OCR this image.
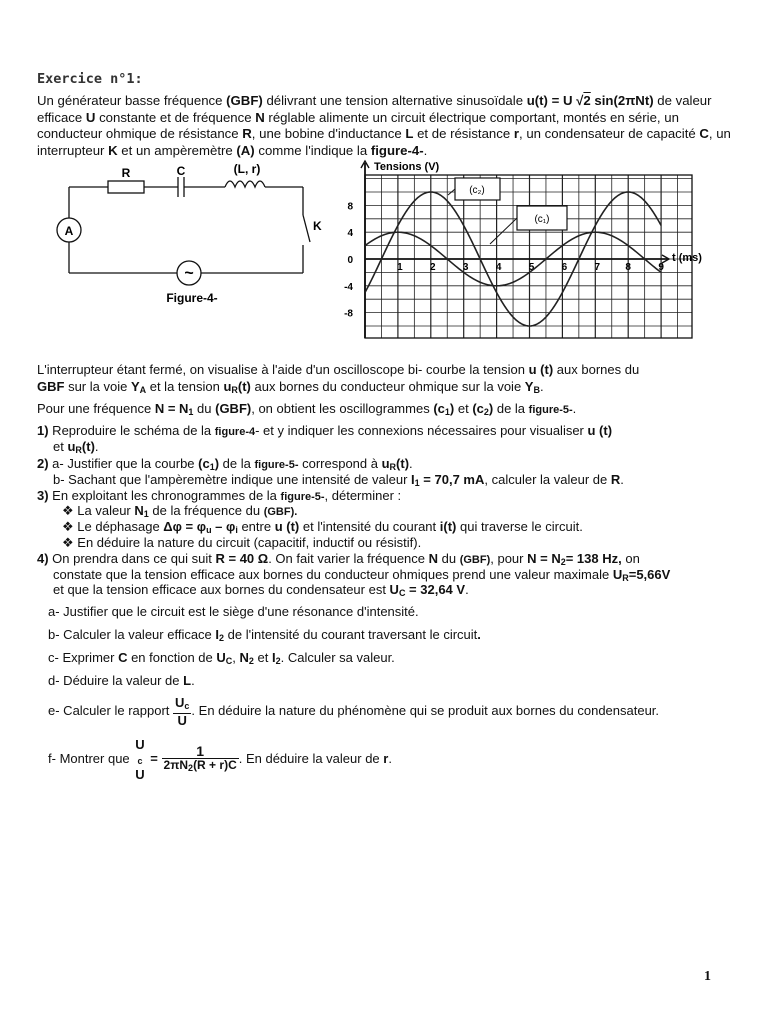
Exercice n°1:
Un générateur basse fréquence (GBF) délivrant une tension alternative sinusoïdale u(t) = U √2 sin(2πNt) de valeur efficace U constante et de fréquence N réglable alimente un circuit électrique comportant, montés en série, un conducteur ohmique de résistance R, une bobine d'inductance L et de résistance r, un condensateur de capacité C, un interrupteur K et un ampèremètre (A) comme l'indique la figure-4-.
R	C	(L, r)
K
A
~
Figure-4-
1	2	3	4	5	6	7	8	9
8
4
0
-4
-8
Tensions (V)
t (ms)
(c₂)
(c₁)
L'interrupteur étant fermé, on visualise à l'aide d'un oscilloscope bi- courbe la tension u (t) aux bornes du
GBF sur la voie $Y_A$ et la tension $u_R(t)$ aux bornes du conducteur ohmique sur la voie $Y_B$.
Pour une fréquence $N = N_1$ du (GBF), on obtient les oscillogrammes $(c_1)$ et $(c_2)$ de la figure-5-.
1) Reproduire le schéma de la figure-4- et y indiquer les connexions nécessaires pour visualiser u (t)
et $u_R(t)$.
2) a- Justifier que la courbe $(c_1)$ de la figure-5- correspond à $u_R(t)$.
b- Sachant que l'ampèremètre indique une intensité de valeur $I_1 = 70,7$ mA, calculer la valeur de R.
3) En exploitant les chronogrammes de la figure-5-, déterminer :
❖ La valeur $N_1$ de la fréquence du (GBF).
❖ Le déphasage $\Delta\varphi = \varphi_u - \varphi_i$ entre u (t) et l'intensité du courant i(t) qui traverse le circuit.
❖ En déduire la nature du circuit (capacitif, inductif ou résistif).
4) On prendra dans ce qui suit R = 40 Ω. On fait varier la fréquence N du (GBF), pour $N = N_2= 138$ Hz, on
constate que la tension efficace aux bornes du conducteur ohmiques prend une valeur maximale $U_R=5,66V$
et que la tension efficace aux bornes du condensateur est $U_C = 32,64$ V.
a- Justifier que le circuit est le siège d'une résonance d'intensité.
b- Calculer la valeur efficace $I_2$ de l'intensité du courant traversant le circuit.
c- Exprimer C en fonction de $U_C$, $N_2$ et $I_2$. Calculer sa valeur.
d- Déduire la valeur de L.
e- Calculer le rapport $\frac{U_c}{U}$ . En déduire la nature du phénomène qui se produit aux bornes du condensateur.
f- Montrer que
U
$_c$
U
= $\frac{1}{2\pi N_2(R + r)C}$ . En déduire la valeur de r.
1
